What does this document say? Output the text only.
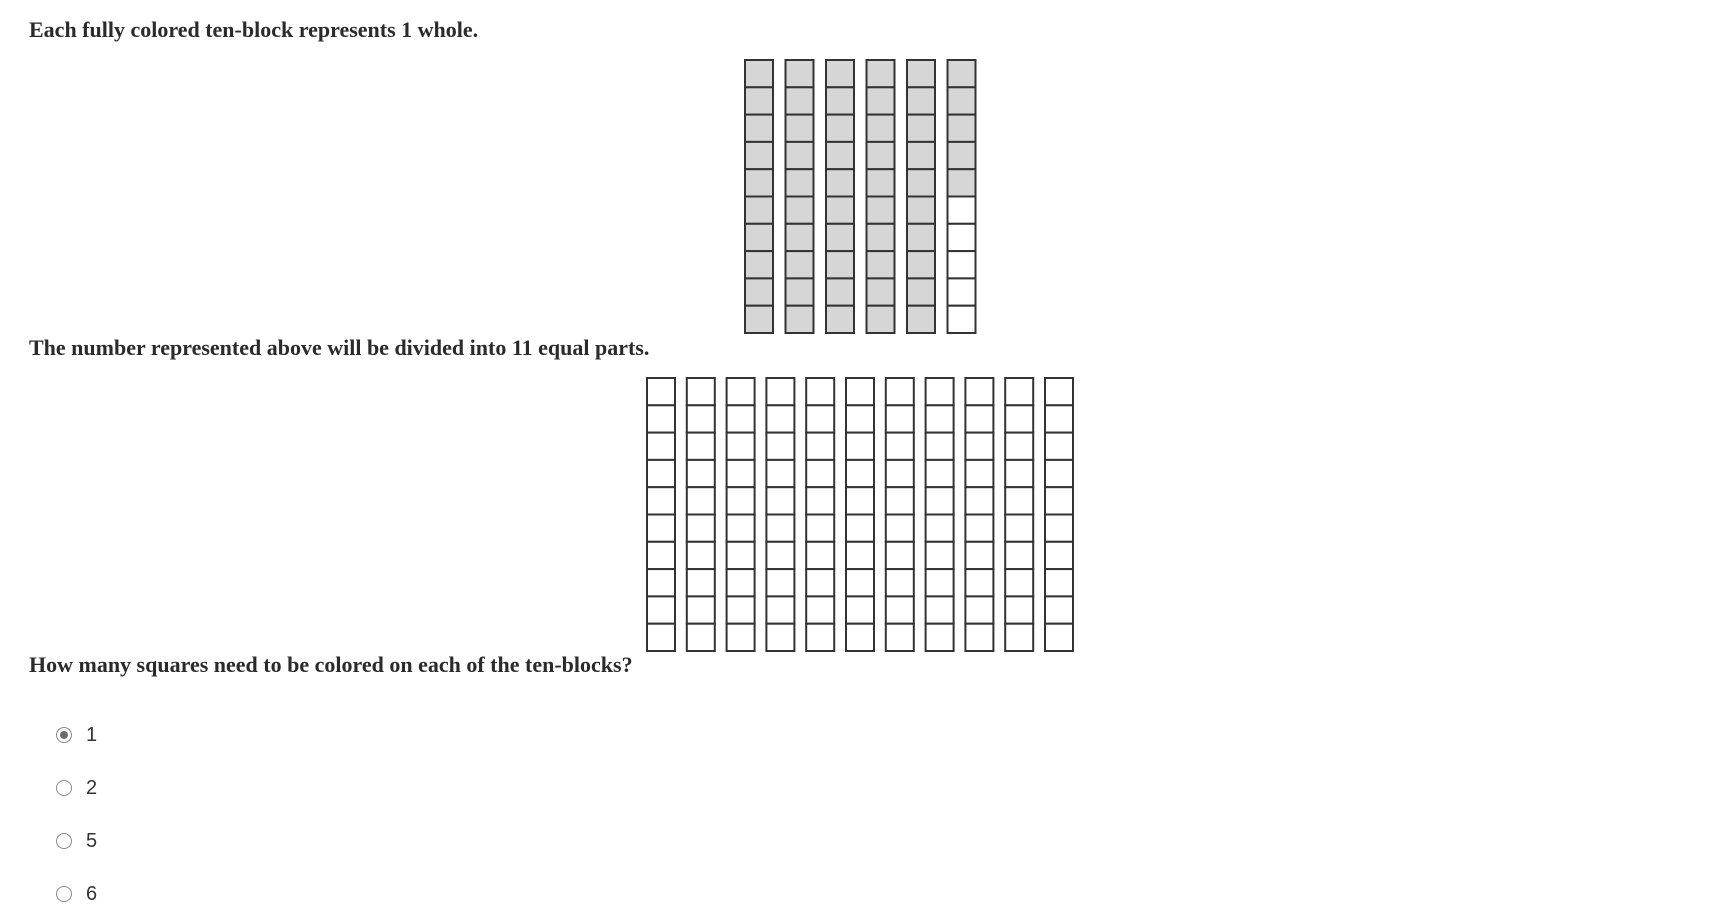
Each fully colored ten-block represents 1 whole.

The number represented above will be divided into 11 equal parts.

How many squares need to be colored on each of the ten-blocks?

1
2
5
6
